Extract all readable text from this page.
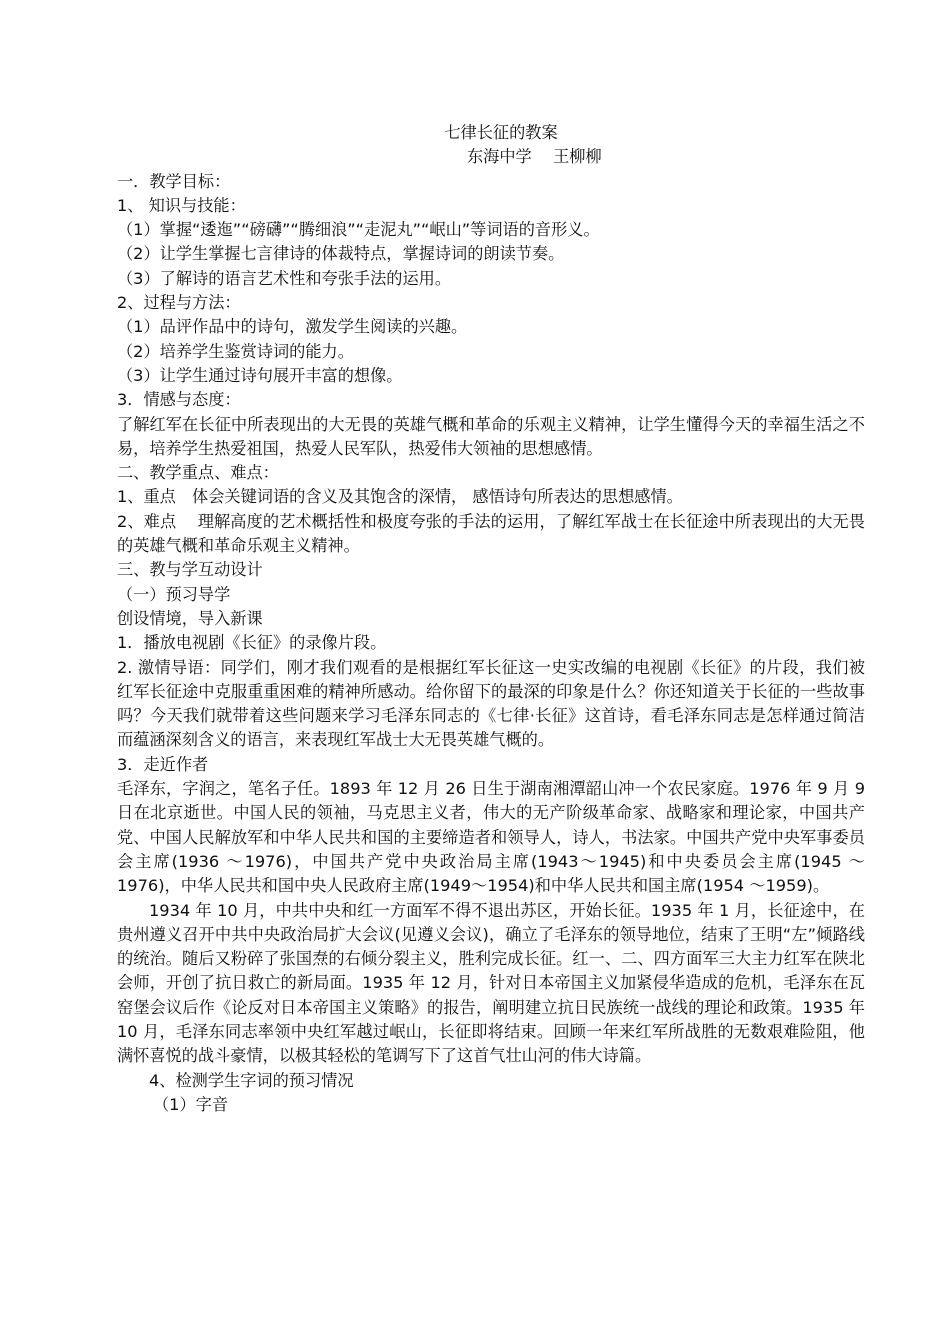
七律长征的教案

东海中学　 王柳柳

一．教学目标：

1、 知识与技能：

（1）掌握“逶迤”“磅礴”“腾细浪”“走泥丸”“岷山”等词语的音形义。

（2）让学生掌握七言律诗的体裁特点，掌握诗词的朗读节奏。

（3）了解诗的语言艺术性和夸张手法的运用。

2、过程与方法：

（1）品评作品中的诗句，激发学生阅读的兴趣。

（2）培养学生鉴赏诗词的能力。

（3）让学生通过诗句展开丰富的想像。

3．情感与态度：

了解红军在长征中所表现出的大无畏的英雄气概和革命的乐观主义精神，让学生懂得今天的幸福生活之不易，培养学生热爱祖国，热爱人民军队，热爱伟大领袖的思想感情。

二、教学重点、难点：

1、重点　体会关键词语的含义及其饱含的深情， 感悟诗句所表达的思想感情。

2、难点　 理解高度的艺术概括性和极度夸张的手法的运用，了解红军战士在长征途中所表现出的大无畏的英雄气概和革命乐观主义精神。

三、教与学互动设计

（一）预习导学

创设情境，导入新课

1．播放电视剧《长征》的录像片段。

2. 激情导语：同学们，刚才我们观看的是根据红军长征这一史实改编的电视剧《长征》的片段，我们被红军长征途中克服重重困难的精神所感动。给你留下的最深的印象是什么？你还知道关于长征的一些故事吗？今天我们就带着这些问题来学习毛泽东同志的《七律·长征》这首诗，看毛泽东同志是怎样通过简洁而蕴涵深刻含义的语言，来表现红军战士大无畏英雄气概的。

3．走近作者

毛泽东，字润之，笔名子任。1893 年 12 月 26 日生于湖南湘潭韶山冲一个农民家庭。1976 年 9 月 9 日在北京逝世。中国人民的领袖，马克思主义者，伟大的无产阶级革命家、战略家和理论家，中国共产党、中国人民解放军和中华人民共和国的主要缔造者和领导人，诗人，书法家。中国共产党中央军事委员会主席(1936 ～1976)，中国共产党中央政治局主席(1943～1945)和中央委员会主席(1945 ～1976)，中华人民共和国中央人民政府主席(1949～1954)和中华人民共和国主席(1954 ～1959)。

1934 年 10 月，中共中央和红一方面军不得不退出苏区，开始长征。1935 年 1 月，长征途中，在贵州遵义召开中共中央政治局扩大会议(见遵义会议)，确立了毛泽东的领导地位，结束了王明“左”倾路线的统治。随后又粉碎了张国焘的右倾分裂主义，胜利完成长征。红一、二、四方面军三大主力红军在陕北会师，开创了抗日救亡的新局面。1935 年 12 月，针对日本帝国主义加紧侵华造成的危机，毛泽东在瓦窑堡会议后作《论反对日本帝国主义策略》的报告，阐明建立抗日民族统一战线的理论和政策。1935 年 10 月，毛泽东同志率领中央红军越过岷山，长征即将结束。回顾一年来红军所战胜的无数艰难险阻，他满怀喜悦的战斗豪情，以极其轻松的笔调写下了这首气壮山河的伟大诗篇。

4、检测学生字词的预习情况

（1）字音
